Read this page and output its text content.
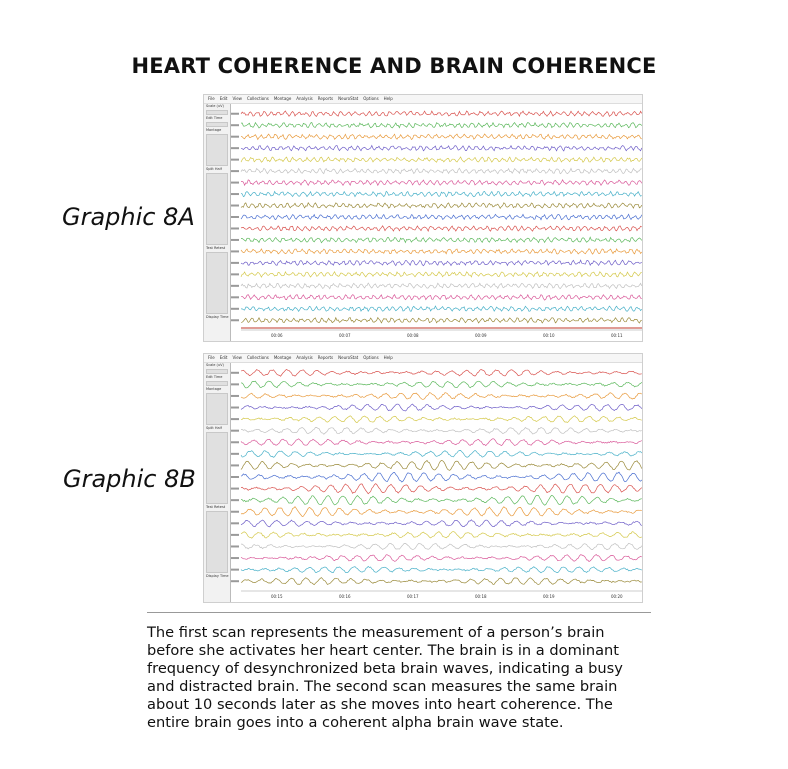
HEART COHERENCE AND BRAIN COHERENCE
Graphic 8A
Graphic 8B
File Edit View Collections Montage Analysis Reports NeuroStat Options Help
Scale (uV)
Edit Time
Montage
Split Half
Test Retest
Display Time
00:06	00:07	00:08	00:09	00:10	00:11
File Edit View Collections Montage Analysis Reports NeuroStat Options Help
Scale (uV)
Edit Time
Montage
Split Half
Test Retest
Display Time
00:15	00:16	00:17	00:18	00:19	00:20

The first scan represents the measurement of a person’s brain before she activates her heart center. The brain is in a dominant frequency of desynchronized beta brain waves, indicating a busy and distracted brain. The second scan measures the same brain about 10 seconds later as she moves into heart coherence. The entire brain goes into a coherent alpha brain wave state.
